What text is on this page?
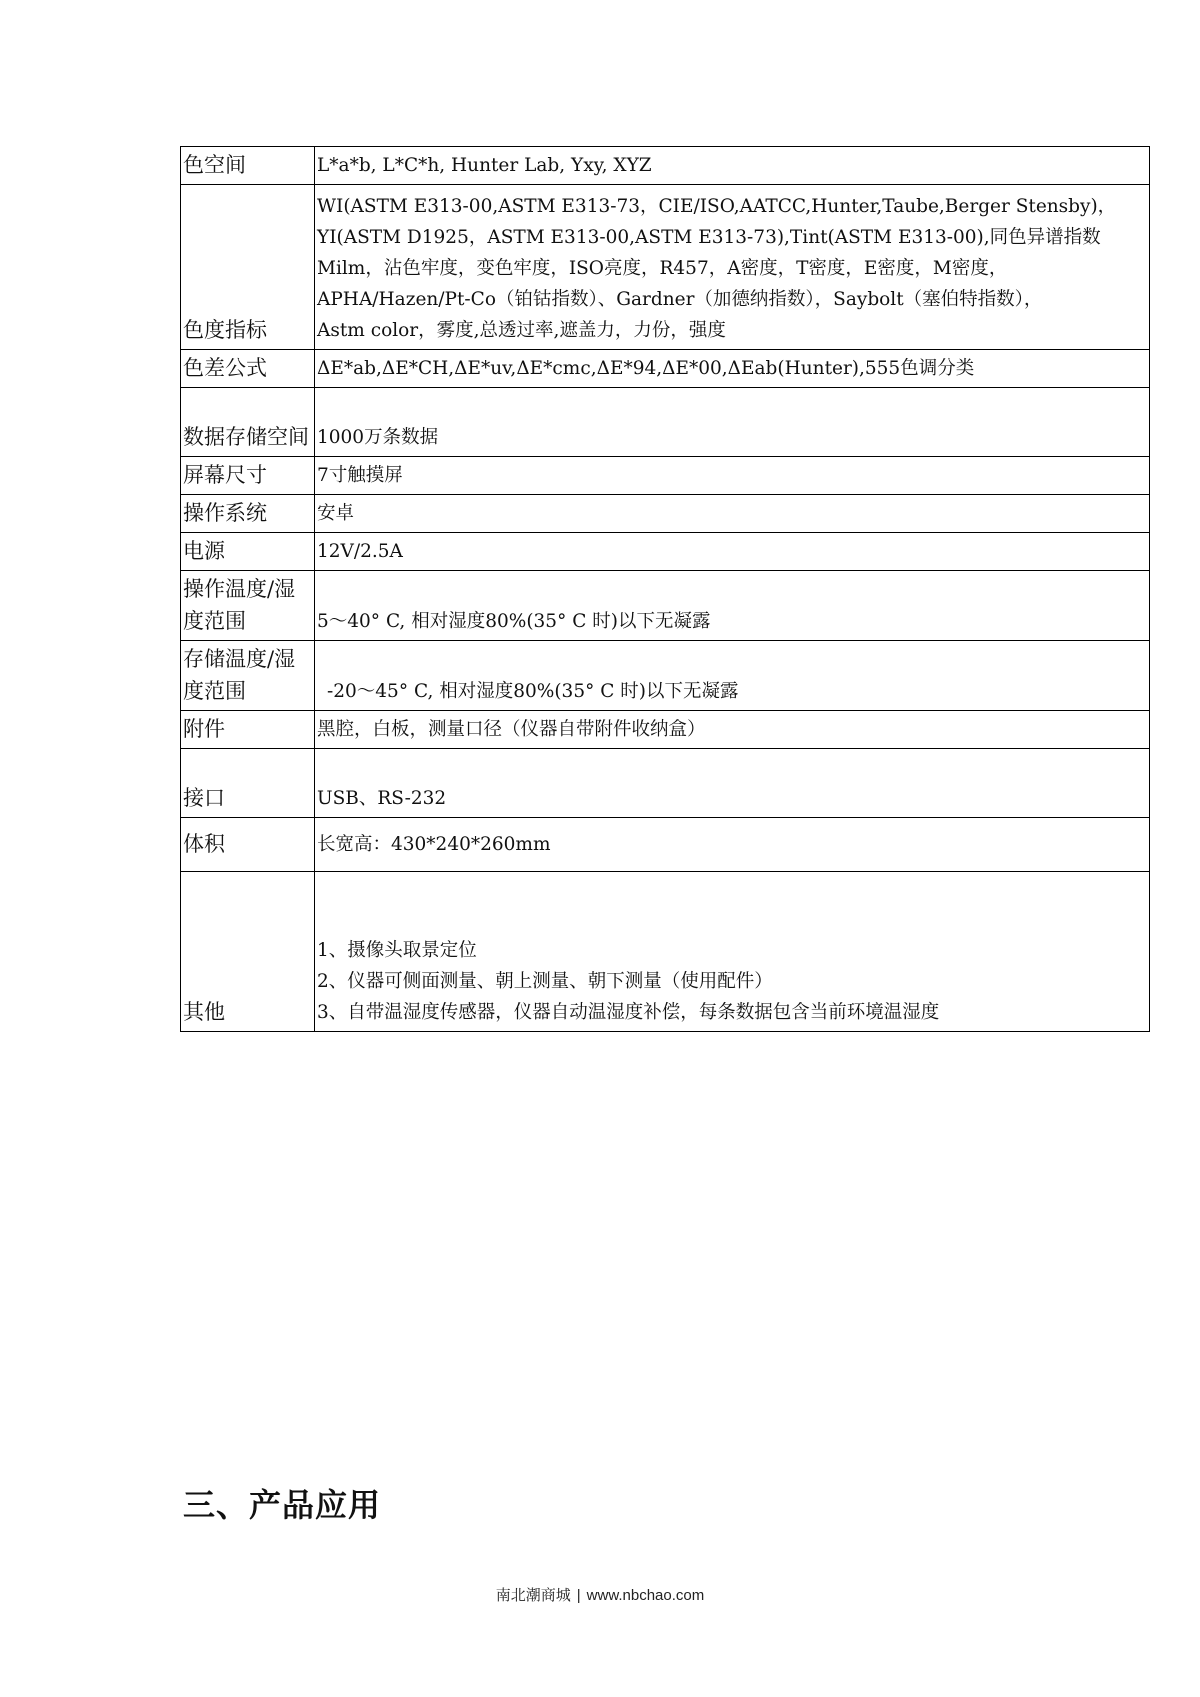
色空间	L*a*b, L*C*h, Hunter Lab, Yxy, XYZ

色度指标	WI(ASTM E313-00,ASTM E313-73，CIE/ISO,AATCC,Hunter,Taube,Berger Stensby)，
YI(ASTM D1925，ASTM E313-00,ASTM E313-73),Tint(ASTM E313-00),同色异谱指数
Milm，沾色牢度，变色牢度，ISO亮度，R457，A密度，T密度，E密度，M密度，
APHA/Hazen/Pt-Co（铂钴指数）、Gardner（加德纳指数），Saybolt（塞伯特指数），
Astm color，雾度,总透过率,遮盖力，力份，强度

色差公式	ΔE*ab,ΔE*CH,ΔE*uv,ΔE*cmc,ΔE*94,ΔE*00,ΔEab(Hunter),555色调分类

数据存储空间	1000万条数据

屏幕尺寸	7寸触摸屏

操作系统	安卓

电源	12V/2.5A

操作温度/湿度范围	5～40° C, 相对湿度80%(35° C 时)以下无凝露

存储温度/湿度范围	-20～45° C, 相对湿度80%(35° C 时)以下无凝露

附件	黑腔，白板，测量口径（仪器自带附件收纳盒）

接口	USB、RS-232

体积	长宽高：430*240*260mm

其他	1、摄像头取景定位
2、仪器可侧面测量、朝上测量、朝下测量（使用配件）
3、自带温湿度传感器，仪器自动温湿度补偿，每条数据包含当前环境温湿度
三、产品应用
南北潮商城 | www.nbchao.com
